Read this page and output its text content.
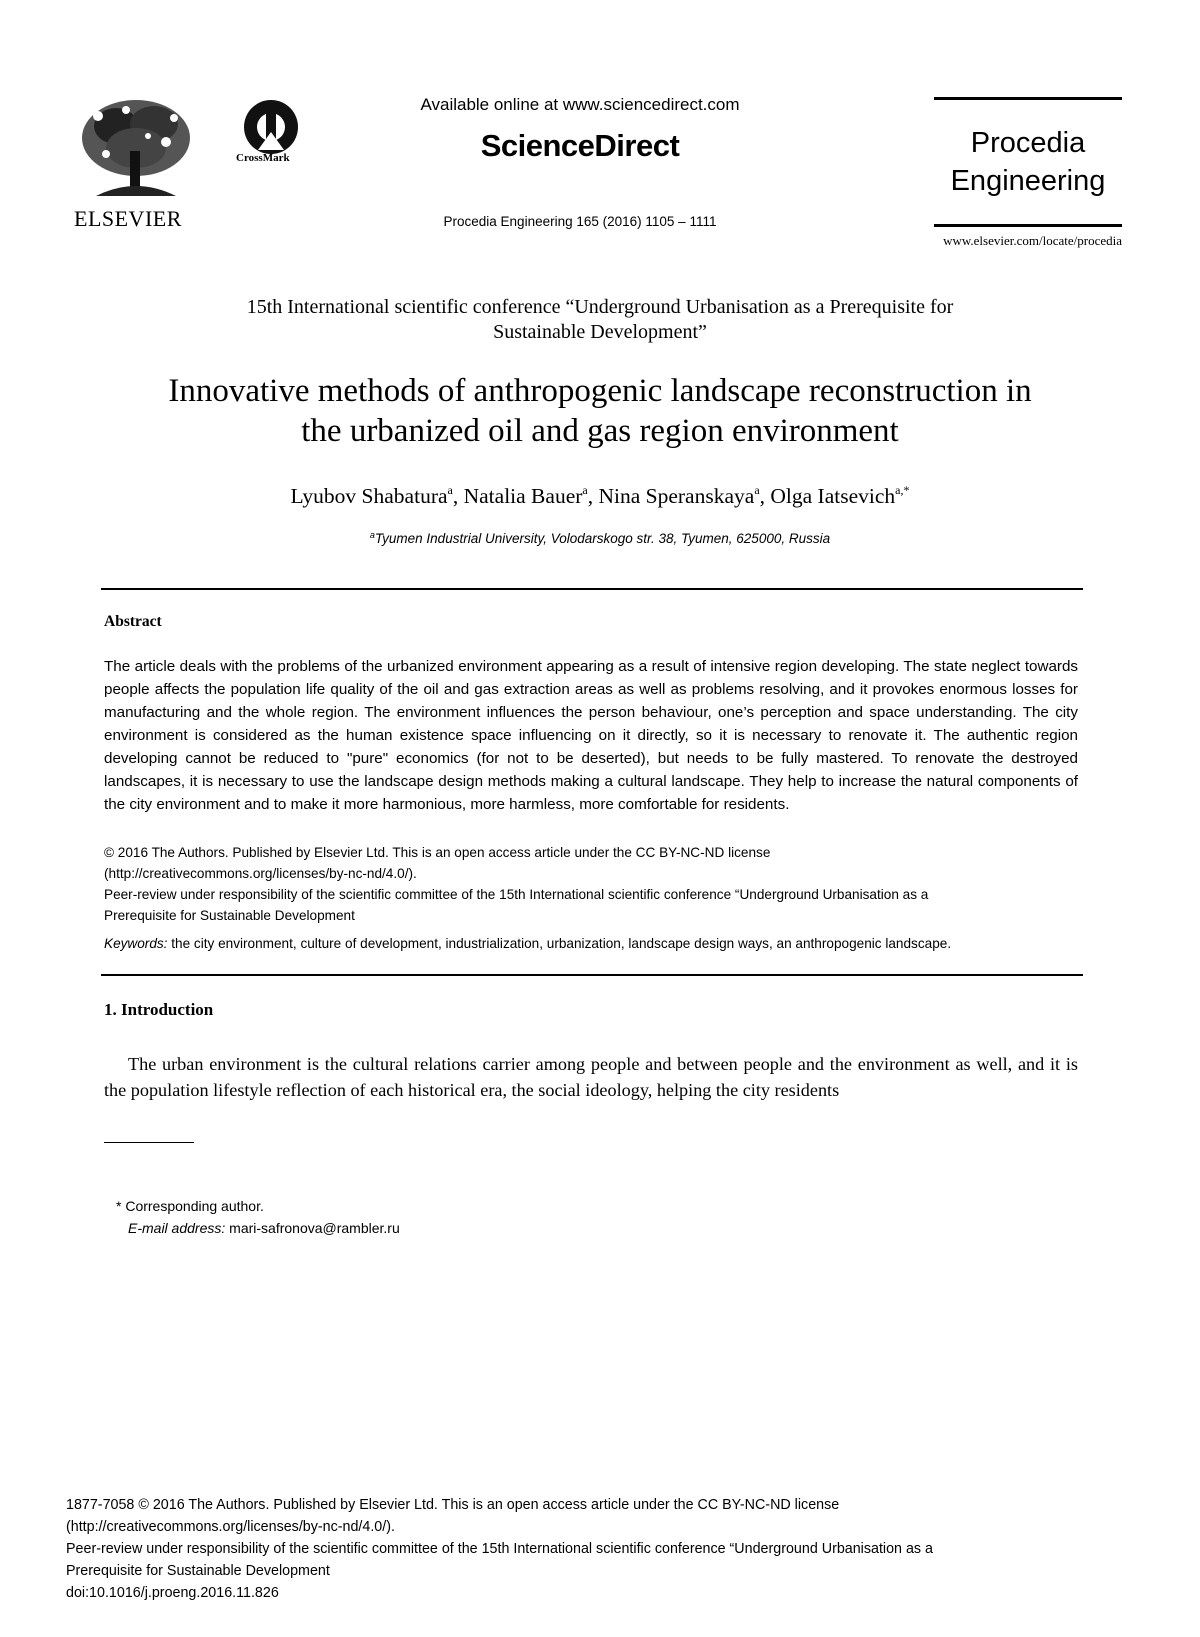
ELSEVIER
CrossMark
Available online at www.sciencedirect.com
ScienceDirect
Procedia Engineering 165 (2016) 1105 – 1111
Procedia
Engineering
www.elsevier.com/locate/procedia
15th International scientific conference “Underground Urbanisation as a Prerequisite for
Sustainable Development”
Innovative methods of anthropogenic landscape reconstruction in
the urbanized oil and gas region environment
Lyubov Shabatura$^a$, Natalia Bauer$^a$, Nina Speranskaya$^a$, Olga Iatsevich$^{a,*}$
$^a$Tyumen Industrial University, Volodarskogo str. 38, Tyumen, 625000, Russia
Abstract
The article deals with the problems of the urbanized environment appearing as a result of intensive region developing. The state neglect towards people affects the population life quality of the oil and gas extraction areas as well as problems resolving, and it provokes enormous losses for manufacturing and the whole region. The environment influences the person behaviour, one’s perception and space understanding. The city environment is considered as the human existence space influencing on it directly, so it is necessary to renovate it. The authentic region developing cannot be reduced to "pure" economics (for not to be deserted), but needs to be fully mastered. To renovate the destroyed landscapes, it is necessary to use the landscape design methods making a cultural landscape. They help to increase the natural components of the city environment and to make it more harmonious, more harmless, more comfortable for residents.
© 2016 The Authors. Published by Elsevier Ltd. This is an open access article under the CC BY-NC-ND license
(http://creativecommons.org/licenses/by-nc-nd/4.0/).
Peer-review under responsibility of the scientific committee of the 15th International scientific conference “Underground Urbanisation as a
Prerequisite for Sustainable Development
Keywords: the city environment, culture of development, industrialization, urbanization, landscape design ways, an anthropogenic landscape.
1. Introduction
The urban environment is the cultural relations carrier among people and between people and the environment as well, and it is the population lifestyle reflection of each historical era, the social ideology, helping the city residents
* Corresponding author.
E-mail address: mari-safronova@rambler.ru
1877-7058 © 2016 The Authors. Published by Elsevier Ltd. This is an open access article under the CC BY-NC-ND license
(http://creativecommons.org/licenses/by-nc-nd/4.0/).
Peer-review under responsibility of the scientific committee of the 15th International scientific conference “Underground Urbanisation as a
Prerequisite for Sustainable Development
doi:10.1016/j.proeng.2016.11.826
